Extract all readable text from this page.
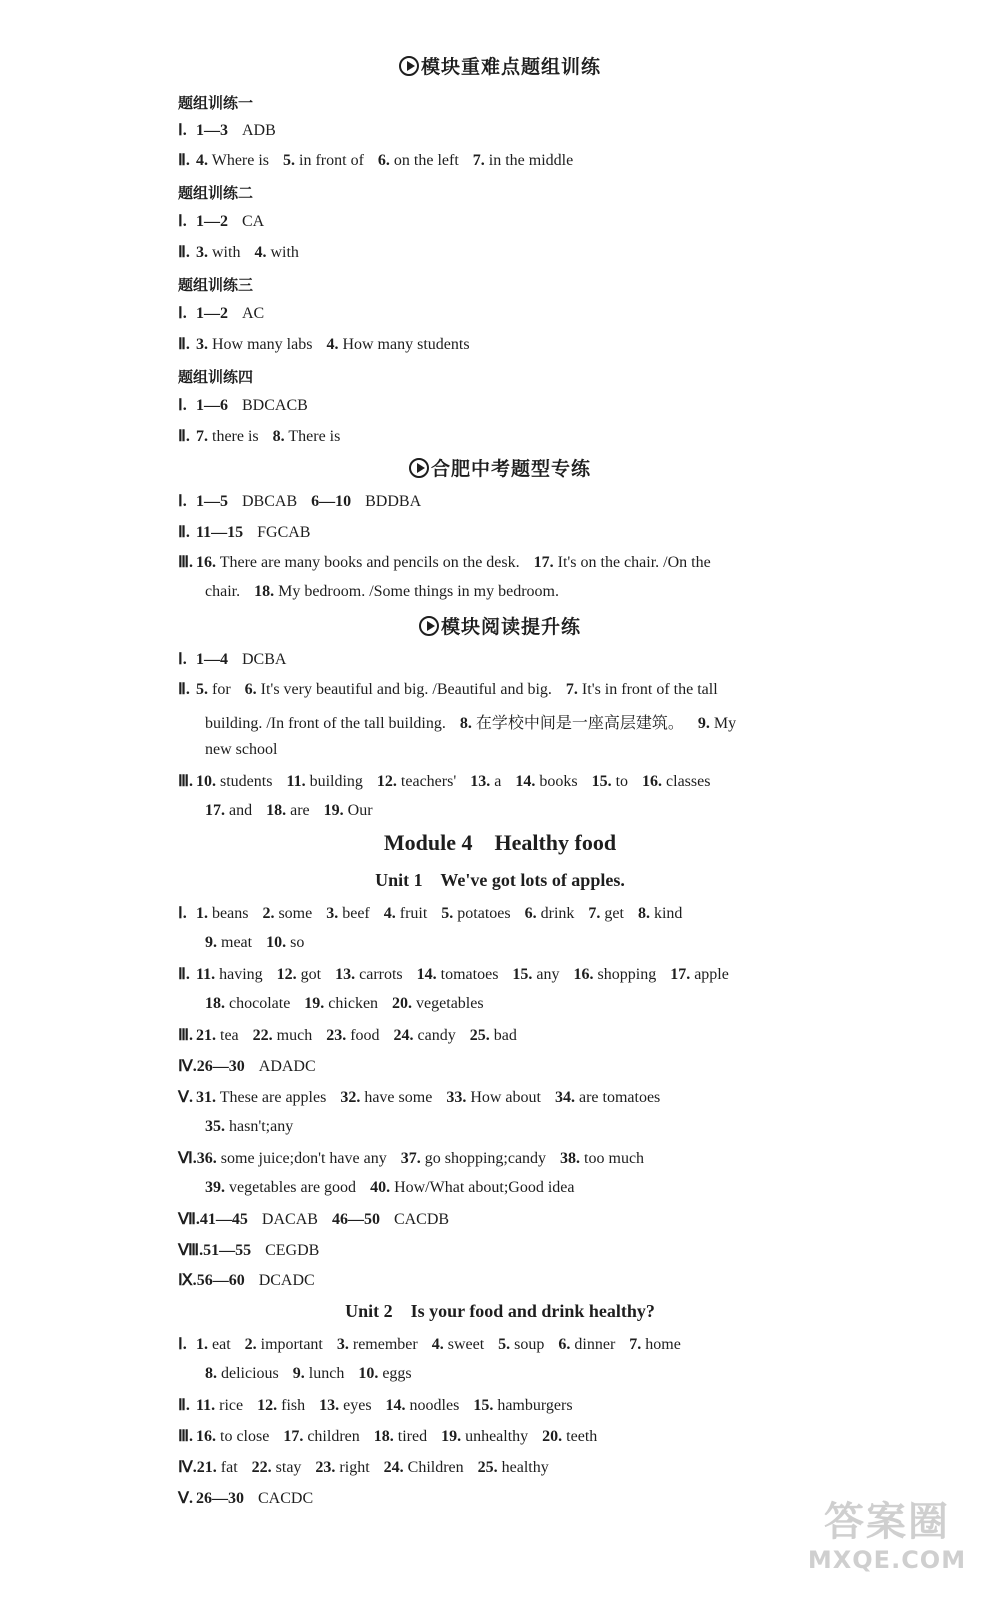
模块重难点题组训练
题组训练一
Ⅰ. 1—3 ADB
Ⅱ. 4. Where is 5. in front of 6. on the left 7. in the middle
题组训练二
Ⅰ. 1—2 CA
Ⅱ. 3. with 4. with
题组训练三
Ⅰ. 1—2 AC
Ⅱ. 3. How many labs 4. How many students
题组训练四
Ⅰ. 1—6 BDCACB
Ⅱ. 7. there is 8. There is
合肥中考题型专练
Ⅰ. 1—5 DBCAB 6—10 BDDBA
Ⅱ. 11—15 FGCAB
Ⅲ. 16. There are many books and pencils on the desk. 17. It's on the chair. /On the
chair. 18. My bedroom. /Some things in my bedroom.
模块阅读提升练
Ⅰ. 1—4 DCBA
Ⅱ. 5. for 6. It's very beautiful and big. /Beautiful and big. 7. It's in front of the tall
building. /In front of the tall building. 8. 在学校中间是一座高层建筑。 9. My
new school
Ⅲ. 10. students 11. building 12. teachers' 13. a 14. books 15. to 16. classes
17. and 18. are 19. Our
Module 4    Healthy food
Unit 1    We've got lots of apples.
Ⅰ. 1. beans 2. some 3. beef 4. fruit 5. potatoes 6. drink 7. get 8. kind
9. meat 10. so
Ⅱ. 11. having 12. got 13. carrots 14. tomatoes 15. any 16. shopping 17. apple
18. chocolate 19. chicken 20. vegetables
Ⅲ. 21. tea 22. much 23. food 24. candy 25. bad
Ⅳ.26—30 ADADC
Ⅴ. 31. These are apples 32. have some 33. How about 34. are tomatoes
35. hasn't;any
Ⅵ.36. some juice;don't have any 37. go shopping;candy 38. too much
39. vegetables are good 40. How/What about;Good idea
Ⅶ.41—45 DACAB 46—50 CACDB
Ⅷ.51—55 CEGDB
Ⅸ.56—60 DCADC
Unit 2    Is your food and drink healthy?
Ⅰ. 1. eat 2. important 3. remember 4. sweet 5. soup 6. dinner 7. home
8. delicious 9. lunch 10. eggs
Ⅱ. 11. rice 12. fish 13. eyes 14. noodles 15. hamburgers
Ⅲ. 16. to close 17. children 18. tired 19. unhealthy 20. teeth
Ⅳ.21. fat 22. stay 23. right 24. Children 25. healthy
Ⅴ. 26—30 CACDC
答案圈
MXQE.COM
